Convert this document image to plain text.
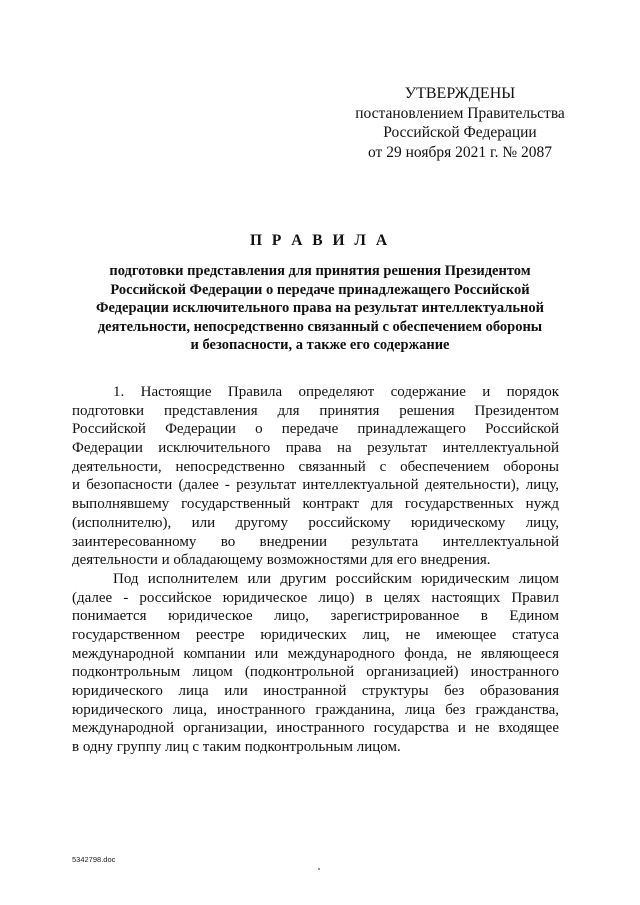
УТВЕРЖДЕНЫ
постановлением Правительства
Российской Федерации
от 29 ноября 2021 г. № 2087
П Р А В И Л А
подготовки представления для принятия решения Президентом
Российской Федерации о передаче принадлежащего Российской
Федерации исключительного права на результат интеллектуальной
деятельности, непосредственно связанный с обеспечением обороны
и безопасности, а также его содержание
1. Настоящие Правила определяют содержание и порядок
подготовки представления для принятия решения Президентом
Российской Федерации о передаче принадлежащего Российской
Федерации исключительного права на результат интеллектуальной
деятельности, непосредственно связанный с обеспечением обороны
и безопасности (далее - результат интеллектуальной деятельности), лицу,
выполнявшему государственный контракт для государственных нужд
(исполнителю), или другому российскому юридическому лицу,
заинтересованному во внедрении результата интеллектуальной
деятельности и обладающему возможностями для его внедрения.
Под исполнителем или другим российским юридическим лицом
(далее - российское юридическое лицо) в целях настоящих Правил
понимается юридическое лицо, зарегистрированное в Едином
государственном реестре юридических лиц, не имеющее статуса
международной компании или международного фонда, не являющееся
подконтрольным лицом (подконтрольной организацией) иностранного
юридического лица или иностранной структуры без образования
юридического лица, иностранного гражданина, лица без гражданства,
международной организации, иностранного государства и не входящее
в одну группу лиц с таким подконтрольным лицом.
5342798.doc
